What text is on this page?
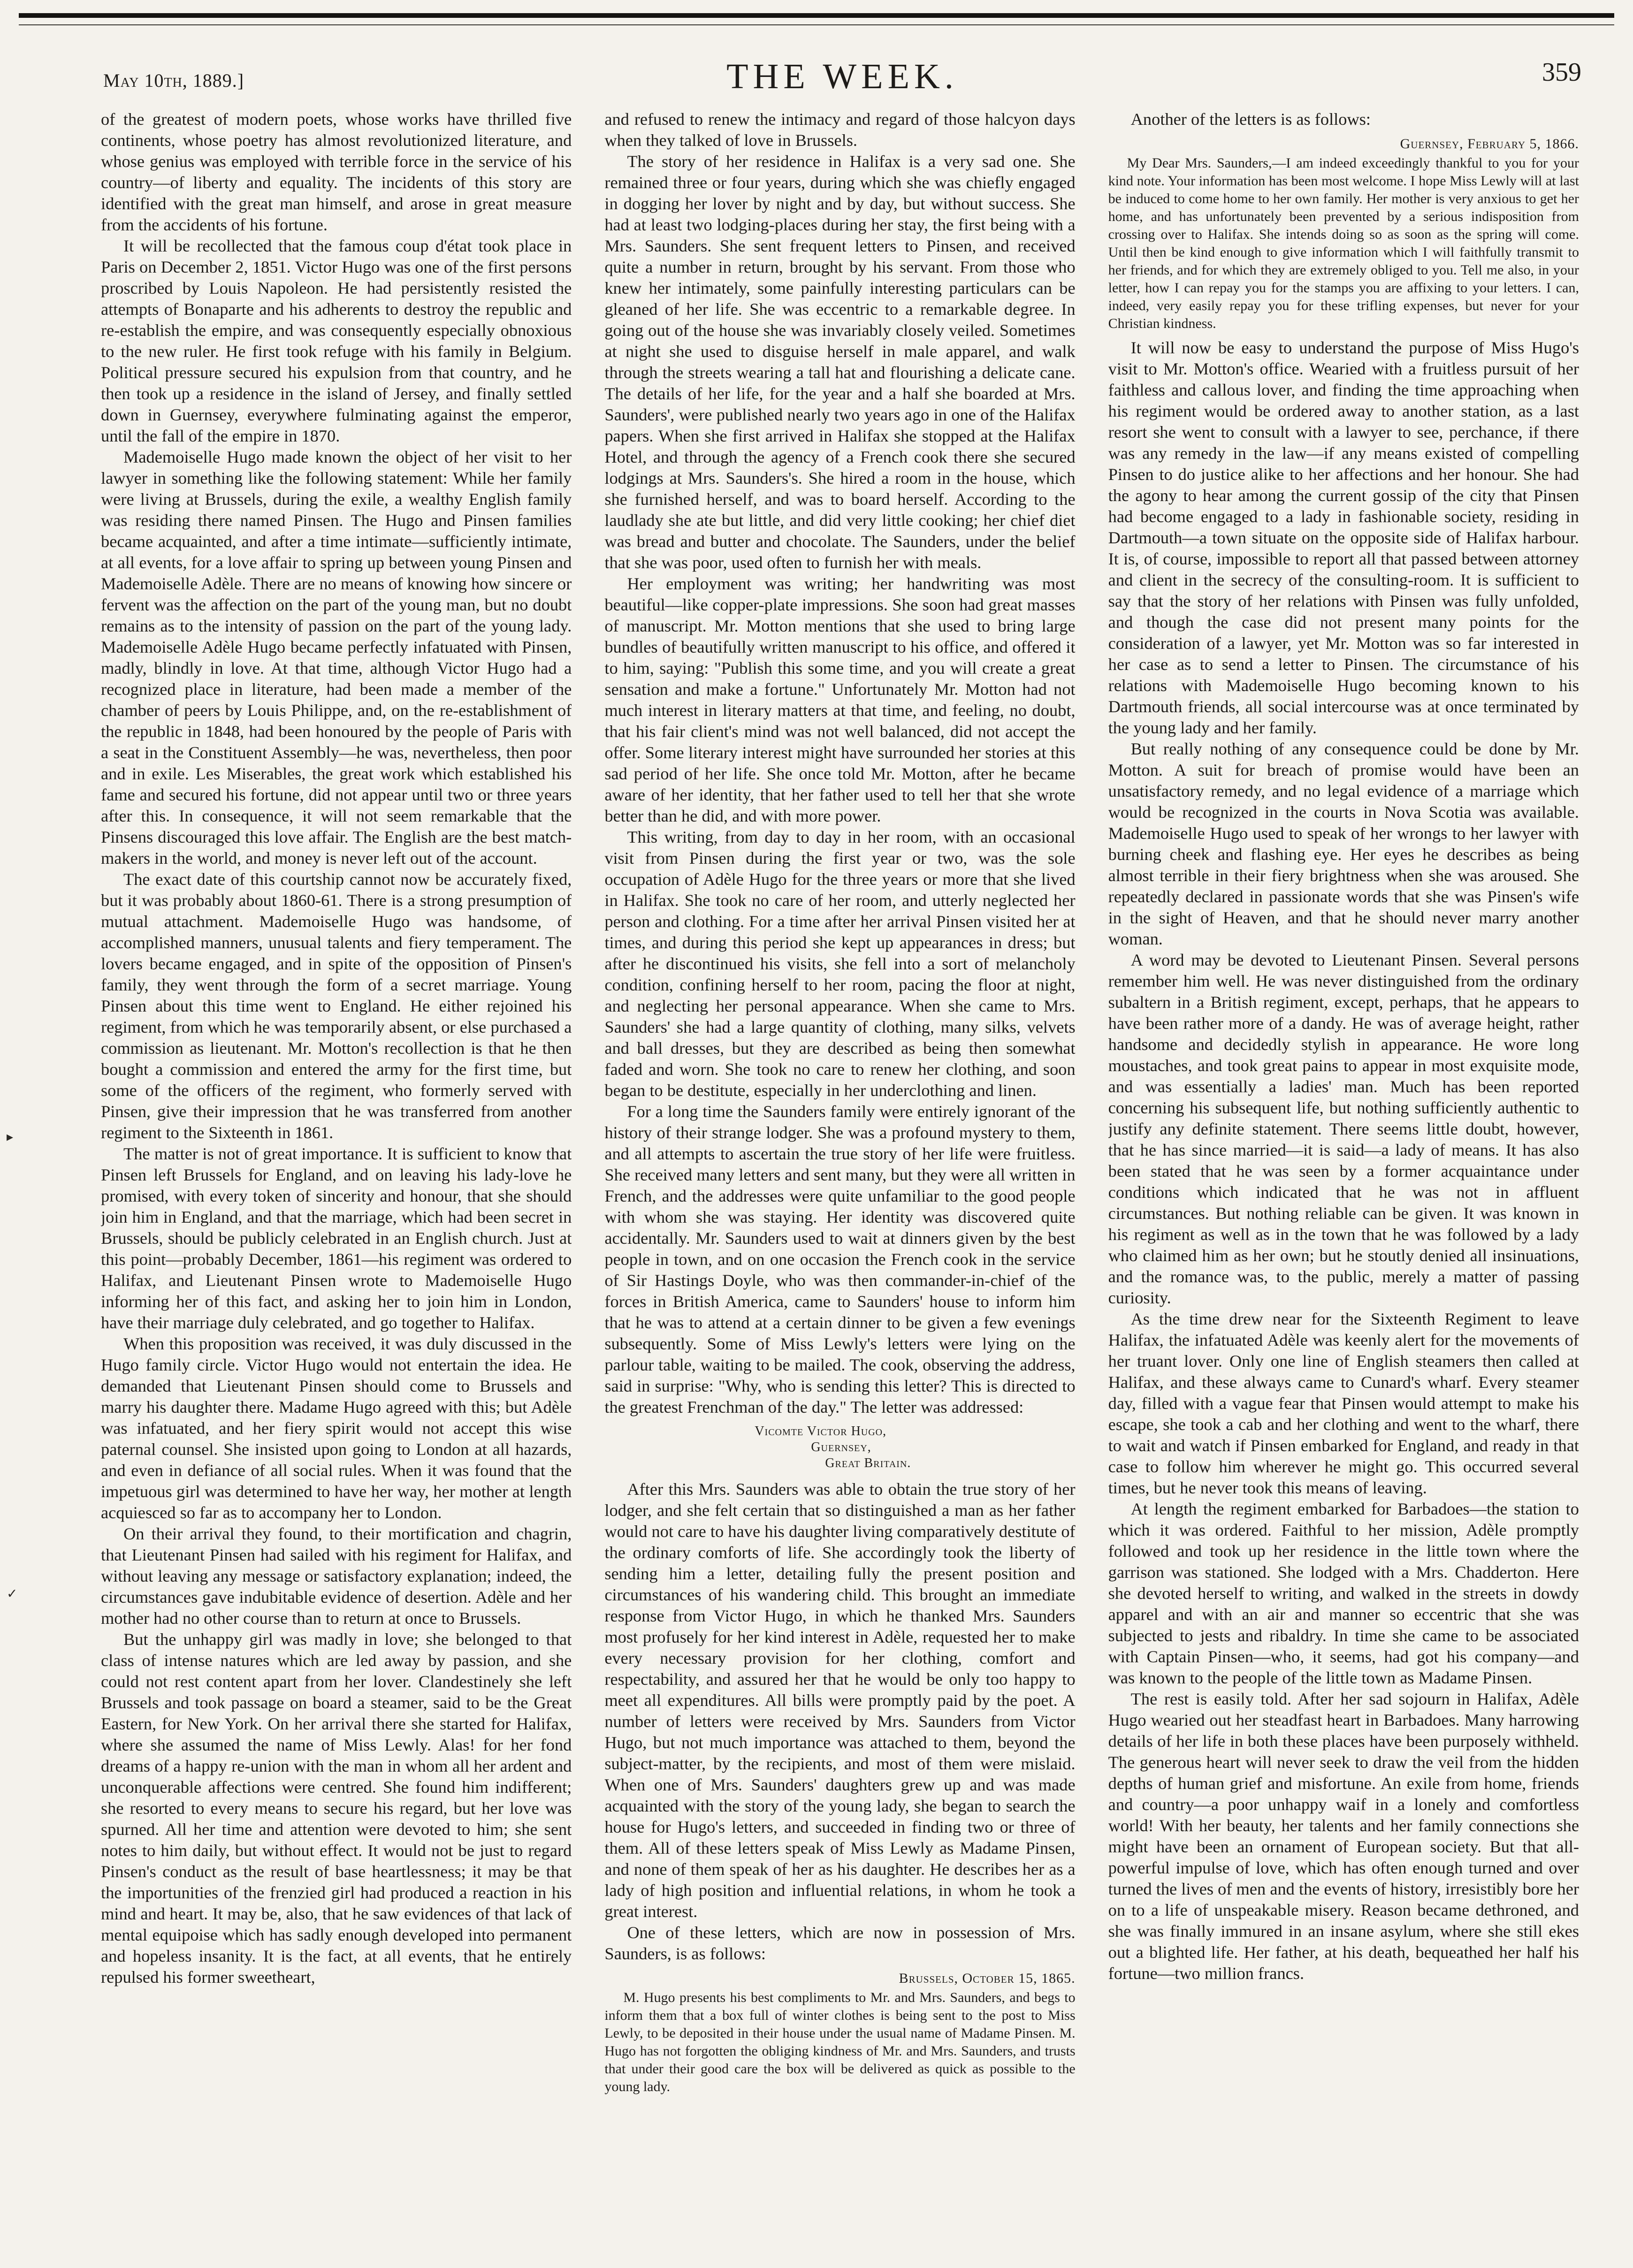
May 10th, 1889.]	THE WEEK.	359
▸
✓

of the greatest of modern poets, whose works have thrilled five continents, whose poetry has almost revolutionized literature, and whose genius was employed with terrible force in the service of his country—of liberty and equality. The incidents of this story are identified with the great man himself, and arose in great measure from the accidents of his fortune.

It will be recollected that the famous coup d'état took place in Paris on December 2, 1851. Victor Hugo was one of the first persons proscribed by Louis Napoleon. He had persistently resisted the attempts of Bonaparte and his adherents to destroy the republic and re-establish the empire, and was consequently especially obnoxious to the new ruler. He first took refuge with his family in Belgium. Political pressure secured his expulsion from that country, and he then took up a residence in the island of Jersey, and finally settled down in Guernsey, everywhere fulminating against the emperor, until the fall of the empire in 1870.

Mademoiselle Hugo made known the object of her visit to her lawyer in something like the following statement: While her family were living at Brussels, during the exile, a wealthy English family was residing there named Pinsen. The Hugo and Pinsen families became acquainted, and after a time intimate—sufficiently intimate, at all events, for a love affair to spring up between young Pinsen and Mademoiselle Adèle. There are no means of knowing how sincere or fervent was the affection on the part of the young man, but no doubt remains as to the intensity of passion on the part of the young lady. Mademoiselle Adèle Hugo became perfectly infatuated with Pinsen, madly, blindly in love. At that time, although Victor Hugo had a recognized place in literature, had been made a member of the chamber of peers by Louis Philippe, and, on the re-establishment of the republic in 1848, had been honoured by the people of Paris with a seat in the Constituent Assembly—he was, nevertheless, then poor and in exile. Les Miserables, the great work which established his fame and secured his fortune, did not appear until two or three years after this. In consequence, it will not seem remarkable that the Pinsens discouraged this love affair. The English are the best match-makers in the world, and money is never left out of the account.

The exact date of this courtship cannot now be accurately fixed, but it was probably about 1860-61. There is a strong presumption of mutual attachment. Mademoiselle Hugo was handsome, of accomplished manners, unusual talents and fiery temperament. The lovers became engaged, and in spite of the opposition of Pinsen's family, they went through the form of a secret marriage. Young Pinsen about this time went to England. He either rejoined his regiment, from which he was temporarily absent, or else purchased a commission as lieutenant. Mr. Motton's recollection is that he then bought a commission and entered the army for the first time, but some of the officers of the regiment, who formerly served with Pinsen, give their impression that he was transferred from another regiment to the Sixteenth in 1861.

The matter is not of great importance. It is sufficient to know that Pinsen left Brussels for England, and on leaving his lady-love he promised, with every token of sincerity and honour, that she should join him in England, and that the marriage, which had been secret in Brussels, should be publicly celebrated in an English church. Just at this point—probably December, 1861—his regiment was ordered to Halifax, and Lieutenant Pinsen wrote to Mademoiselle Hugo informing her of this fact, and asking her to join him in London, have their marriage duly celebrated, and go together to Halifax.

When this proposition was received, it was duly discussed in the Hugo family circle. Victor Hugo would not entertain the idea. He demanded that Lieutenant Pinsen should come to Brussels and marry his daughter there. Madame Hugo agreed with this; but Adèle was infatuated, and her fiery spirit would not accept this wise paternal counsel. She insisted upon going to London at all hazards, and even in defiance of all social rules. When it was found that the impetuous girl was determined to have her way, her mother at length acquiesced so far as to accompany her to London.

On their arrival they found, to their mortification and chagrin, that Lieutenant Pinsen had sailed with his regiment for Halifax, and without leaving any message or satisfactory explanation; indeed, the circumstances gave indubitable evidence of desertion. Adèle and her mother had no other course than to return at once to Brussels.

But the unhappy girl was madly in love; she belonged to that class of intense natures which are led away by passion, and she could not rest content apart from her lover. Clandestinely she left Brussels and took passage on board a steamer, said to be the Great Eastern, for New York. On her arrival there she started for Halifax, where she assumed the name of Miss Lewly. Alas! for her fond dreams of a happy re-union with the man in whom all her ardent and unconquerable affections were centred. She found him indifferent; she resorted to every means to secure his regard, but her love was spurned. All her time and attention were devoted to him; she sent notes to him daily, but without effect. It would not be just to regard Pinsen's conduct as the result of base heartlessness; it may be that the importunities of the frenzied girl had produced a reaction in his mind and heart. It may be, also, that he saw evidences of that lack of mental equipoise which has sadly enough developed into permanent and hopeless insanity. It is the fact, at all events, that he entirely repulsed his former sweetheart,

and refused to renew the intimacy and regard of those halcyon days when they talked of love in Brussels.

The story of her residence in Halifax is a very sad one. She remained three or four years, during which she was chiefly engaged in dogging her lover by night and by day, but without success. She had at least two lodging-places during her stay, the first being with a Mrs. Saunders. She sent frequent letters to Pinsen, and received quite a number in return, brought by his servant. From those who knew her intimately, some painfully interesting particulars can be gleaned of her life. She was eccentric to a remarkable degree. In going out of the house she was invariably closely veiled. Sometimes at night she used to disguise herself in male apparel, and walk through the streets wearing a tall hat and flourishing a delicate cane. The details of her life, for the year and a half she boarded at Mrs. Saunders', were published nearly two years ago in one of the Halifax papers. When she first arrived in Halifax she stopped at the Halifax Hotel, and through the agency of a French cook there she secured lodgings at Mrs. Saunders's. She hired a room in the house, which she furnished herself, and was to board herself. According to the laudlady she ate but little, and did very little cooking; her chief diet was bread and butter and chocolate. The Saunders, under the belief that she was poor, used often to furnish her with meals.

Her employment was writing; her handwriting was most beautiful—like copper-plate impressions. She soon had great masses of manuscript. Mr. Motton mentions that she used to bring large bundles of beautifully written manuscript to his office, and offered it to him, saying: "Publish this some time, and you will create a great sensation and make a fortune." Unfortunately Mr. Motton had not much interest in literary matters at that time, and feeling, no doubt, that his fair client's mind was not well balanced, did not accept the offer. Some literary interest might have surrounded her stories at this sad period of her life. She once told Mr. Motton, after he became aware of her identity, that her father used to tell her that she wrote better than he did, and with more power.

This writing, from day to day in her room, with an occasional visit from Pinsen during the first year or two, was the sole occupation of Adèle Hugo for the three years or more that she lived in Halifax. She took no care of her room, and utterly neglected her person and clothing. For a time after her arrival Pinsen visited her at times, and during this period she kept up appearances in dress; but after he discontinued his visits, she fell into a sort of melancholy condition, confining herself to her room, pacing the floor at night, and neglecting her personal appearance. When she came to Mrs. Saunders' she had a large quantity of clothing, many silks, velvets and ball dresses, but they are described as being then somewhat faded and worn. She took no care to renew her clothing, and soon began to be destitute, especially in her underclothing and linen.

For a long time the Saunders family were entirely ignorant of the history of their strange lodger. She was a profound mystery to them, and all attempts to ascertain the true story of her life were fruitless. She received many letters and sent many, but they were all written in French, and the addresses were quite unfamiliar to the good people with whom she was staying. Her identity was discovered quite accidentally. Mr. Saunders used to wait at dinners given by the best people in town, and on one occasion the French cook in the service of Sir Hastings Doyle, who was then commander-in-chief of the forces in British America, came to Saunders' house to inform him that he was to attend at a certain dinner to be given a few evenings subsequently. Some of Miss Lewly's letters were lying on the parlour table, waiting to be mailed. The cook, observing the address, said in surprise: "Why, who is sending this letter? This is directed to the greatest Frenchman of the day." The letter was addressed:

Vicomte Victor Hugo,
Guernsey,
Great Britain.

After this Mrs. Saunders was able to obtain the true story of her lodger, and she felt certain that so distinguished a man as her father would not care to have his daughter living comparatively destitute of the ordinary comforts of life. She accordingly took the liberty of sending him a letter, detailing fully the present position and circumstances of his wandering child. This brought an immediate response from Victor Hugo, in which he thanked Mrs. Saunders most profusely for her kind interest in Adèle, requested her to make every necessary provision for her clothing, comfort and respectability, and assured her that he would be only too happy to meet all expenditures. All bills were promptly paid by the poet. A number of letters were received by Mrs. Saunders from Victor Hugo, but not much importance was attached to them, beyond the subject-matter, by the recipients, and most of them were mislaid. When one of Mrs. Saunders' daughters grew up and was made acquainted with the story of the young lady, she began to search the house for Hugo's letters, and succeeded in finding two or three of them. All of these letters speak of Miss Lewly as Madame Pinsen, and none of them speak of her as his daughter. He describes her as a lady of high position and influential relations, in whom he took a great interest.

One of these letters, which are now in possession of Mrs. Saunders, is as follows:

Brussels, October 15, 1865.

M. Hugo presents his best compliments to Mr. and Mrs. Saunders, and begs to inform them that a box full of winter clothes is being sent to the post to Miss Lewly, to be deposited in their house under the usual name of Madame Pinsen. M. Hugo has not forgotten the obliging kindness of Mr. and Mrs. Saunders, and trusts that under their good care the box will be delivered as quick as possible to the young lady.

Another of the letters is as follows:

Guernsey, February 5, 1866.

My Dear Mrs. Saunders,—I am indeed exceedingly thankful to you for your kind note. Your information has been most welcome. I hope Miss Lewly will at last be induced to come home to her own family. Her mother is very anxious to get her home, and has unfortunately been prevented by a serious indisposition from crossing over to Halifax. She intends doing so as soon as the spring will come. Until then be kind enough to give information which I will faithfully transmit to her friends, and for which they are extremely obliged to you. Tell me also, in your letter, how I can repay you for the stamps you are affixing to your letters. I can, indeed, very easily repay you for these trifling expenses, but never for your Christian kindness.

It will now be easy to understand the purpose of Miss Hugo's visit to Mr. Motton's office. Wearied with a fruitless pursuit of her faithless and callous lover, and finding the time approaching when his regiment would be ordered away to another station, as a last resort she went to consult with a lawyer to see, perchance, if there was any remedy in the law—if any means existed of compelling Pinsen to do justice alike to her affections and her honour. She had the agony to hear among the current gossip of the city that Pinsen had become engaged to a lady in fashionable society, residing in Dartmouth—a town situate on the opposite side of Halifax harbour. It is, of course, impossible to report all that passed between attorney and client in the secrecy of the consulting-room. It is sufficient to say that the story of her relations with Pinsen was fully unfolded, and though the case did not present many points for the consideration of a lawyer, yet Mr. Motton was so far interested in her case as to send a letter to Pinsen. The circumstance of his relations with Mademoiselle Hugo becoming known to his Dartmouth friends, all social intercourse was at once terminated by the young lady and her family.

But really nothing of any consequence could be done by Mr. Motton. A suit for breach of promise would have been an unsatisfactory remedy, and no legal evidence of a marriage which would be recognized in the courts in Nova Scotia was available. Mademoiselle Hugo used to speak of her wrongs to her lawyer with burning cheek and flashing eye. Her eyes he describes as being almost terrible in their fiery brightness when she was aroused. She repeatedly declared in passionate words that she was Pinsen's wife in the sight of Heaven, and that he should never marry another woman.

A word may be devoted to Lieutenant Pinsen. Several persons remember him well. He was never distinguished from the ordinary subaltern in a British regiment, except, perhaps, that he appears to have been rather more of a dandy. He was of average height, rather handsome and decidedly stylish in appearance. He wore long moustaches, and took great pains to appear in most exquisite mode, and was essentially a ladies' man. Much has been reported concerning his subsequent life, but nothing sufficiently authentic to justify any definite statement. There seems little doubt, however, that he has since married—it is said—a lady of means. It has also been stated that he was seen by a former acquaintance under conditions which indicated that he was not in affluent circumstances. But nothing reliable can be given. It was known in his regiment as well as in the town that he was followed by a lady who claimed him as her own; but he stoutly denied all insinuations, and the romance was, to the public, merely a matter of passing curiosity.

As the time drew near for the Sixteenth Regiment to leave Halifax, the infatuated Adèle was keenly alert for the movements of her truant lover. Only one line of English steamers then called at Halifax, and these always came to Cunard's wharf. Every steamer day, filled with a vague fear that Pinsen would attempt to make his escape, she took a cab and her clothing and went to the wharf, there to wait and watch if Pinsen embarked for England, and ready in that case to follow him wherever he might go. This occurred several times, but he never took this means of leaving.

At length the regiment embarked for Barbadoes—the station to which it was ordered. Faithful to her mission, Adèle promptly followed and took up her residence in the little town where the garrison was stationed. She lodged with a Mrs. Chadderton. Here she devoted herself to writing, and walked in the streets in dowdy apparel and with an air and manner so eccentric that she was subjected to jests and ribaldry. In time she came to be associated with Captain Pinsen—who, it seems, had got his company—and was known to the people of the little town as Madame Pinsen.

The rest is easily told. After her sad sojourn in Halifax, Adèle Hugo wearied out her steadfast heart in Barbadoes. Many harrowing details of her life in both these places have been purposely withheld. The generous heart will never seek to draw the veil from the hidden depths of human grief and misfortune. An exile from home, friends and country—a poor unhappy waif in a lonely and comfortless world! With her beauty, her talents and her family connections she might have been an ornament of European society. But that all-powerful impulse of love, which has often enough turned and over turned the lives of men and the events of history, irresistibly bore her on to a life of unspeakable misery. Reason became dethroned, and she was finally immured in an insane asylum, where she still ekes out a blighted life. Her father, at his death, bequeathed her half his fortune—two million francs.
